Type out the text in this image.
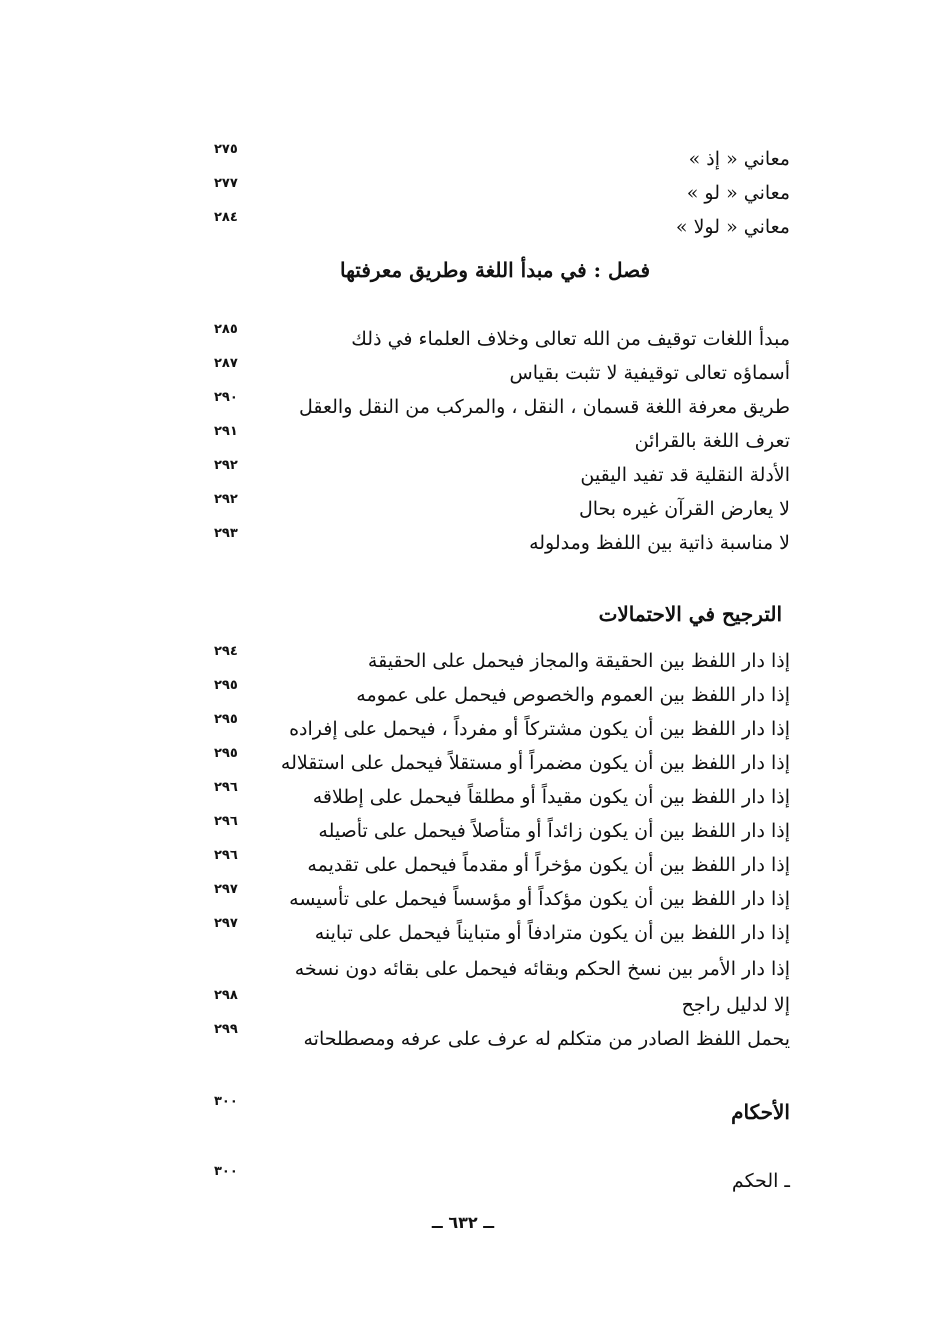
معاني « إذ »
٢٧٥
معاني « لو »
٢٧٧
معاني « لولا »
٢٨٤
فصل : في مبدأ اللغة وطريق معرفتها
مبدأ اللغات توقيف من الله تعالى وخلاف العلماء في ذلك
٢٨٥
أسماؤه تعالى توقيفية لا تثبت بقياس
٢٨٧
طريق معرفة اللغة قسمان ، النقل ، والمركب من النقل والعقل
٢٩٠
تعرف اللغة بالقرائن
٢٩١
الأدلة النقلية قد تفيد اليقين
٢٩٢
لا يعارض القرآن غيره بحال
٢٩٢
لا مناسبة ذاتية بين اللفظ ومدلوله
٢٩٣
الترجيح في الاحتمالات
إذا دار اللفظ بين الحقيقة والمجاز فيحمل على الحقيقة
٢٩٤
إذا دار اللفظ بين العموم والخصوص فيحمل على عمومه
٢٩٥
إذا دار اللفظ بين أن يكون مشتركاً أو مفرداً ، فيحمل على إفراده
٢٩٥
إذا دار اللفظ بين أن يكون مضمراً أو مستقلاً فيحمل على استقلاله
٢٩٥
إذا دار اللفظ بين أن يكون مقيداً أو مطلقاً فيحمل على إطلاقه
٢٩٦
إذا دار اللفظ بين أن يكون زائداً أو متأصلاً فيحمل على تأصيله
٢٩٦
إذا دار اللفظ بين أن يكون مؤخراً أو مقدماً فيحمل على تقديمه
٢٩٦
إذا دار اللفظ بين أن يكون مؤكداً أو مؤسساً فيحمل على تأسيسه
٢٩٧
إذا دار اللفظ بين أن يكون مترادفاً أو متبايناً فيحمل على تباينه
٢٩٧
إذا دار الأمر بين نسخ الحكم وبقائه فيحمل على بقائه دون نسخه
إلا لدليل راجح
٢٩٨
يحمل اللفظ الصادر من متكلم له عرف على عرفه ومصطلحاته
٢٩٩
الأحكام
٣٠٠
ـ الحكم
٣٠٠
ــ ٦٣٢ ــ
